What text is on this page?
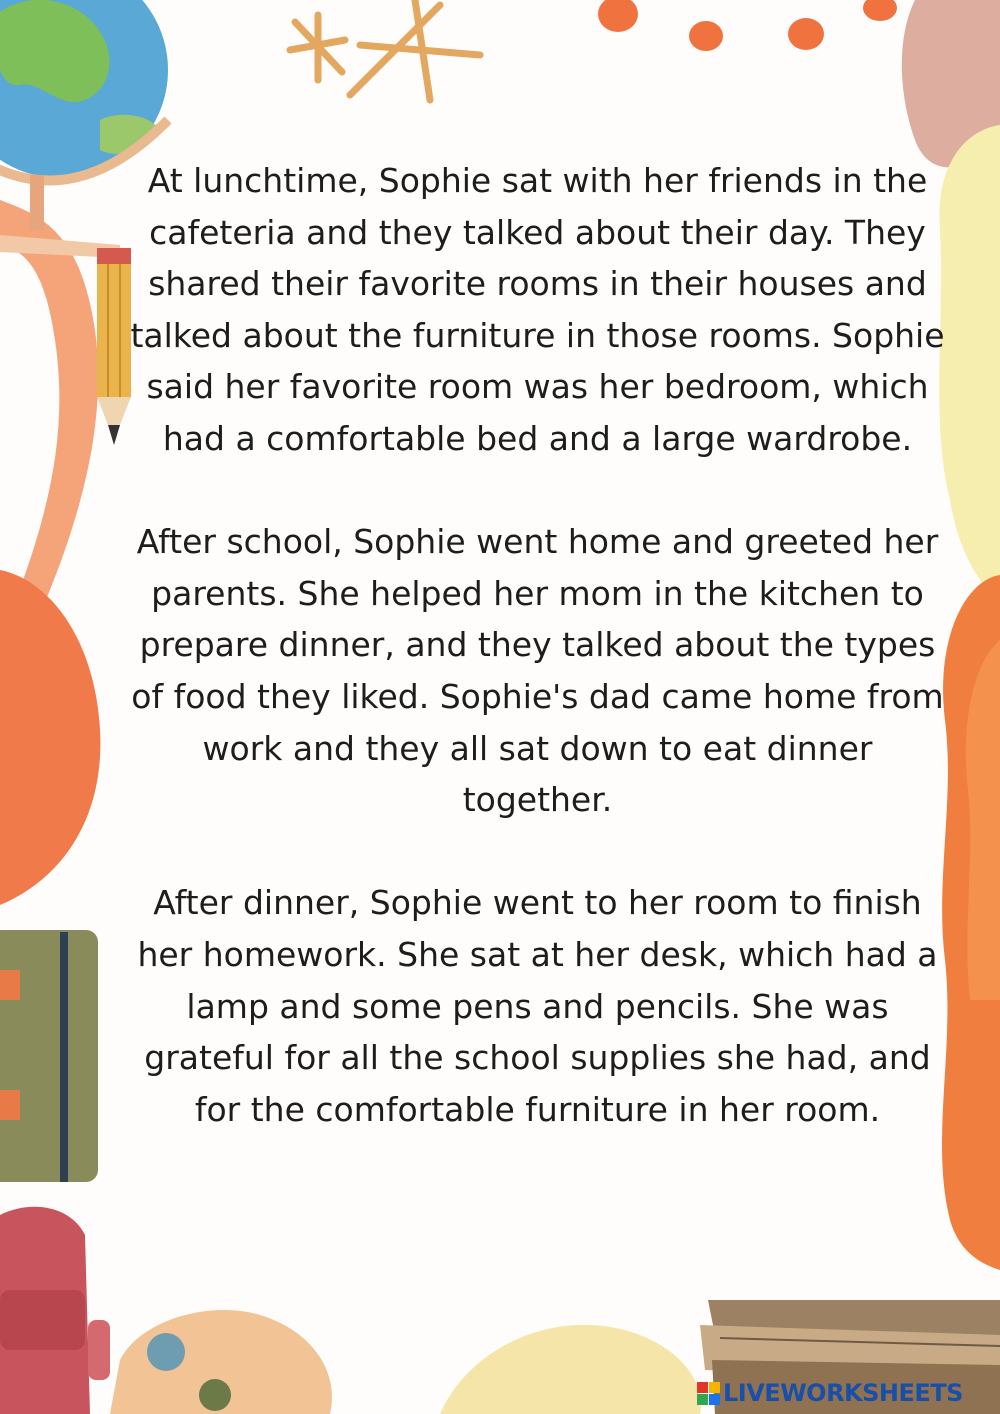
At lunchtime, Sophie sat with her friends in the cafeteria and they talked about their day. They shared their favorite rooms in their houses and talked about the furniture in those rooms. Sophie said her favorite room was her bedroom, which had a comfortable bed and a large wardrobe.

After school, Sophie went home and greeted her parents. She helped her mom in the kitchen to prepare dinner, and they talked about the types of food they liked. Sophie's dad came home from work and they all sat down to eat dinner together.

After dinner, Sophie went to her room to finish her homework. She sat at her desk, which had a lamp and some pens and pencils. She was grateful for all the school supplies she had, and for the comfortable furniture in her room.

LIVEWORKSHEETS
